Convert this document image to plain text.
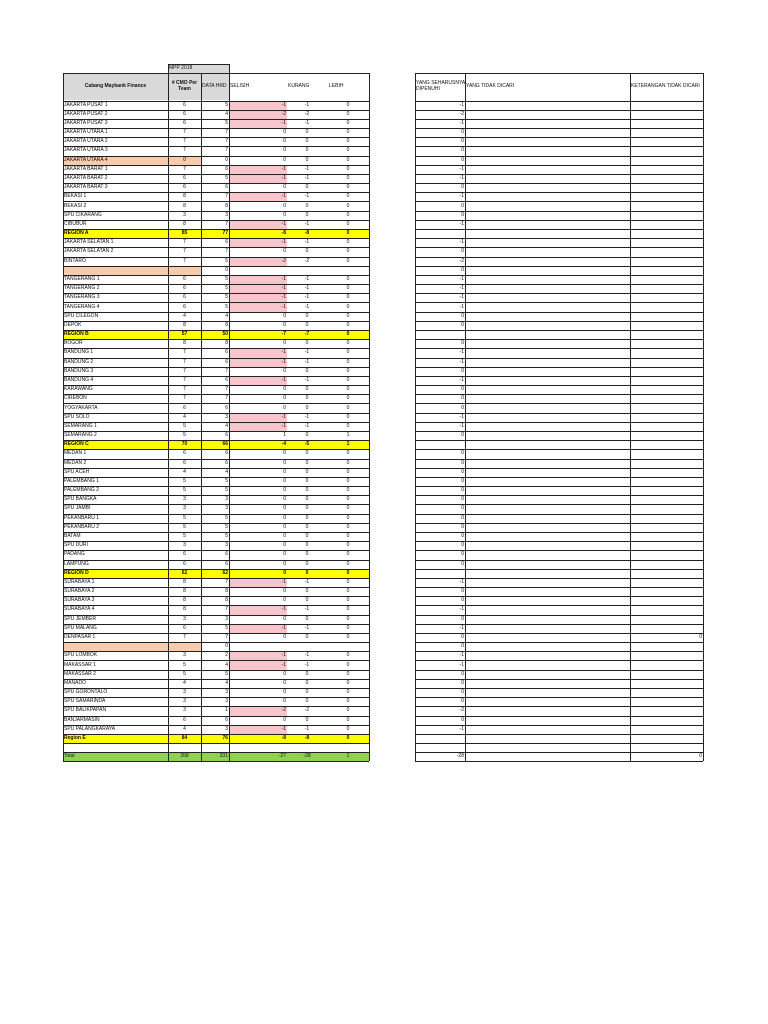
MPP 2018
Cabang Maybank Finance	# CMO Per Team	DATA HRD SELISIH	KURANG	LEBIH	YANG SEHARUSNYA DIPENUHI	YANG TIDAK DICARI	KETERANGAN TIDAK DICARI
JAKARTA PUSAT 1	6	5	-1	-1	0	-1
JAKARTA PUSAT 2	6	4	-2	-2	0	-2
JAKARTA PUSAT 3	6	5	-1	-1	0	-1
JAKARTA UTARA 1	7	7	0	0	0	0
JAKARTA UTARA 2	7	7	0	0	0	0
JAKARTA UTARA 3	7	7	0	0	0	0
JAKARTA UTARA 4	0	0	0	0	0	0
JAKARTA BARAT 1	7	6	-1	-1	0	-1
JAKARTA BARAT 2	6	5	-1	-1	0	-1
JAKARTA BARAT 3	6	6	0	0	0	0
BEKASI 1	8	7	-1	-1	0	-1
BEKASI 2	8	8	0	0	0	0
SPU CIKARANG	3	3	0	0	0	0
CIBUBUR	8	7	-1	-1	0	-1
REGION A	85	77	-8	-8	0
JAKARTA SELATAN 1	7	6	-1	-1	0	-1
JAKARTA SELATAN 2	7	7	0	0	0	0
BINTARO	7	5	-2	-2	0	-2
0	0
TANGERANG 1	6	5	-1	-1	0	-1
TANGERANG 2	6	5	-1	-1	0	-1
TANGERANG 3	6	5	-1	-1	0	-1
TANGERANG 4	6	5	-1	-1	0	-1
SPU CILEGON	4	4	0	0	0	0
DEPOK	8	8	0	0	0	0
REGION B	57	50	-7	-7	0
BOGOR	8	8	0	0	0	0
BANDUNG 1	7	6	-1	-1	0	-1
BANDUNG 2	7	6	-1	-1	0	-1
BANDUNG 3	7	7	0	0	0	0
BANDUNG 4	7	6	-1	-1	0	-1
KARAWANG	7	7	0	0	0	0
CIREBON	7	7	0	0	0	0
YOGYAKARTA	6	6	0	0	0	0
SPU SOLO	4	3	-1	-1	0	-1
SEMARANG 1	5	4	-1	-1	0	-1
SEMARANG 2	5	6	1	0	1	0
REGION C	70	66	-4	-5	1
MEDAN 1	6	6	0	0	0	0
MEDAN 2	6	6	0	0	0	0
SPU ACEH	4	4	0	0	0	0
PALEMBANG 1	5	5	0	0	0	0
PALEMBANG 2	5	5	0	0	0	0
SPU BANGKA	3	3	0	0	0	0
SPU JAMBI	3	3	0	0	0	0
PEKANBARU 1	5	5	0	0	0	0
PEKANBARU 2	5	5	0	0	0	0
BATAM	5	5	0	0	0	0
SPU DURI	3	3	0	0	0	0
PADANG	6	6	0	0	0	0
LAMPUNG	6	6	0	0	0	0
REGION D	62	62	0	0	0
SURABAYA 1	8	7	-1	-1	0	-1
SURABAYA 2	8	8	0	0	0	0
SURABAYA 3	8	8	0	0	0	0
SURABAYA 4	8	7	-1	-1	0	-1
SPU JEMBER	3	3	0	0	0	0
SPU MALANG	6	5	-1	-1	0	-1
DENPASAR 1	7	7	0	0	0	0	0
0	0
SPU LOMBOK	3	2	-1	-1	0	-1
MAKASSAR 1	5	4	-1	-1	0	-1
MAKASSAR 2	5	5	0	0	0	0
MANADO	4	4	0	0	0	0
SPU GORONTALO	3	3	0	0	0	0
SPU SAMARINDA	3	3	0	0	0	0
SPU BALIKPAPAN	3	1	-2	-2	0	-2
BANJARMASIN	6	6	0	0	0	0
SPU PALANGKARAYA	4	3	-1	-1	0	-1
Region E	84	76	-8	-8	0
Total	358	331	-27	-28	1	-28	0
